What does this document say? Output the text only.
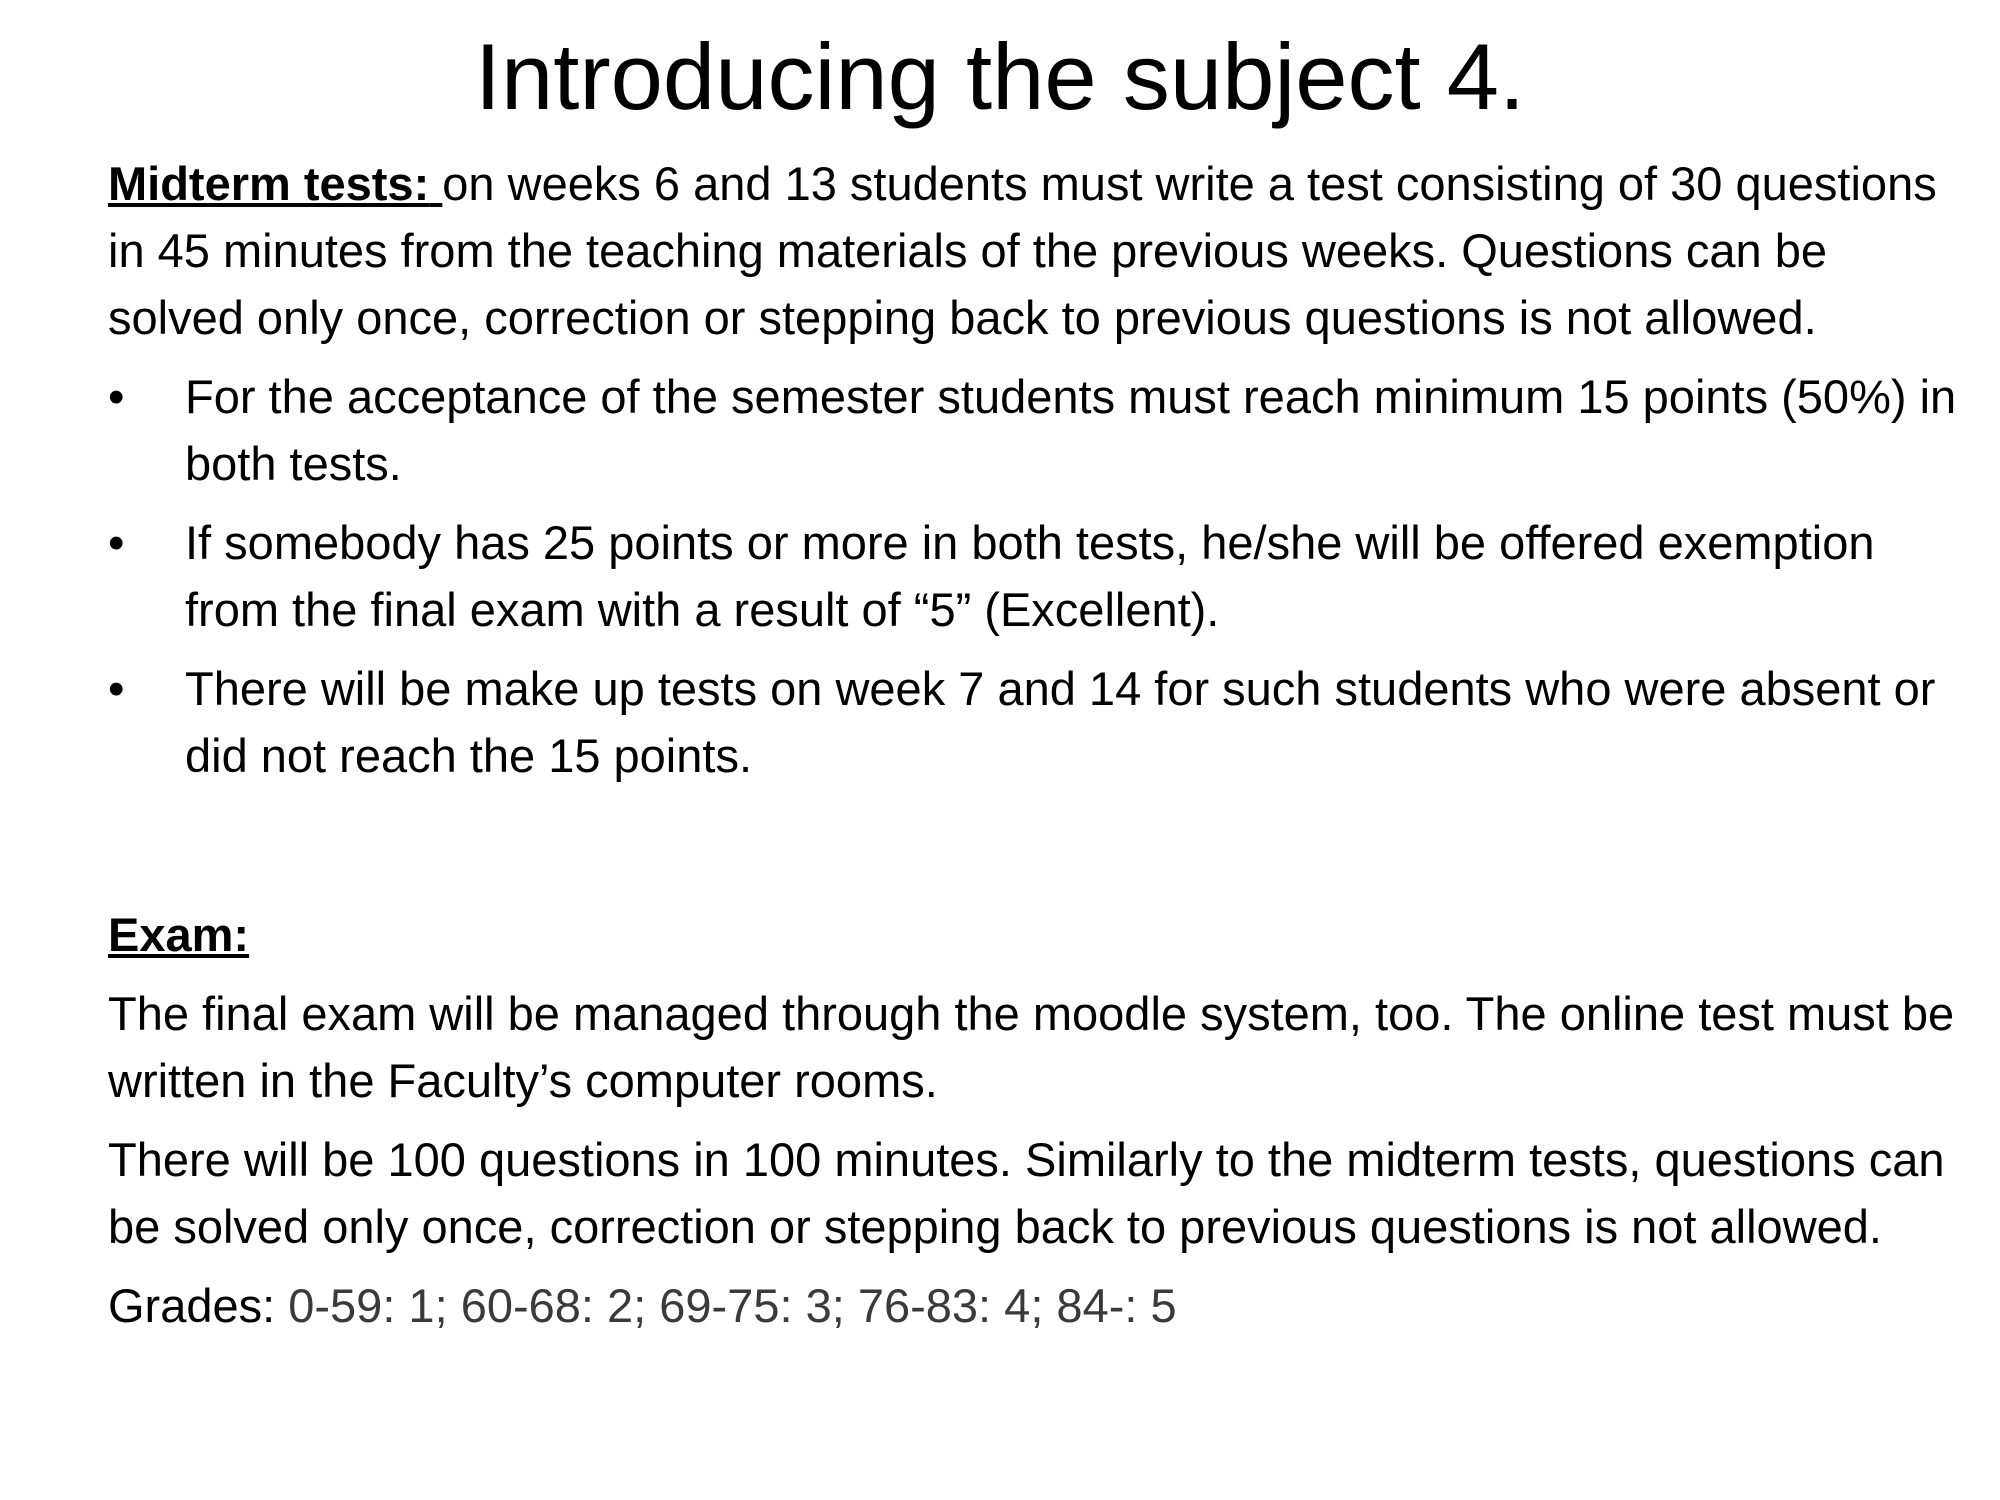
Introducing the subject 4.

Midterm tests: on weeks 6 and 13 students must write a test consisting of 30 questions in 45 minutes from the teaching materials of the previous weeks. Questions can be solved only once, correction or stepping back to previous questions is not allowed.

• For the acceptance of the semester students must reach minimum 15 points (50%) in both tests.
• If somebody has 25 points or more in both tests, he/she will be offered exemption from the final exam with a result of “5” (Excellent).
• There will be make up tests on week 7 and 14 for such students who were absent or did not reach the 15 points.

Exam:

The final exam will be managed through the moodle system, too. The online test must be written in the Faculty’s computer rooms.

There will be 100 questions in 100 minutes. Similarly to the midterm tests, questions can be solved only once, correction or stepping back to previous questions is not allowed.

Grades: 0-59: 1; 60-68: 2; 69-75: 3; 76-83: 4; 84-: 5
